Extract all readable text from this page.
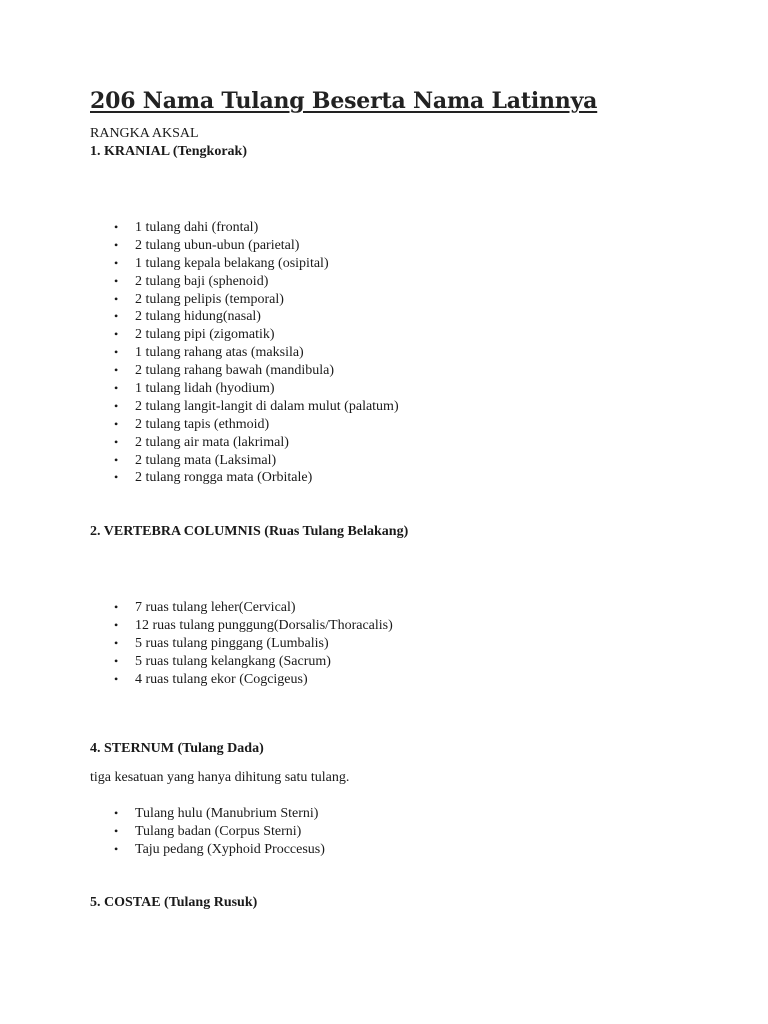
206 Nama Tulang Beserta Nama Latinnya

RANGKA AKSAL

1. KRANIAL (Tengkorak)

• 1 tulang dahi (frontal)
• 2 tulang ubun-ubun (parietal)
• 1 tulang kepala belakang (osipital)
• 2 tulang baji (sphenoid)
• 2 tulang pelipis (temporal)
• 2 tulang hidung(nasal)
• 2 tulang pipi (zigomatik)
• 1 tulang rahang atas (maksila)
• 2 tulang rahang bawah (mandibula)
• 1 tulang lidah (hyodium)
• 2 tulang langit-langit di dalam mulut (palatum)
• 2 tulang tapis (ethmoid)
• 2 tulang air mata (lakrimal)
• 2 tulang mata (Laksimal)
• 2 tulang rongga mata (Orbitale)

2. VERTEBRA COLUMNIS (Ruas Tulang Belakang)

• 7 ruas tulang leher(Cervical)
• 12 ruas tulang punggung(Dorsalis/Thoracalis)
• 5 ruas tulang pinggang (Lumbalis)
• 5 ruas tulang kelangkang (Sacrum)
• 4 ruas tulang ekor (Cogcigeus)

4. STERNUM (Tulang Dada)

tiga kesatuan yang hanya dihitung satu tulang.

• Tulang hulu (Manubrium Sterni)
• Tulang badan (Corpus Sterni)
• Taju pedang (Xyphoid Proccesus)

5. COSTAE (Tulang Rusuk)
